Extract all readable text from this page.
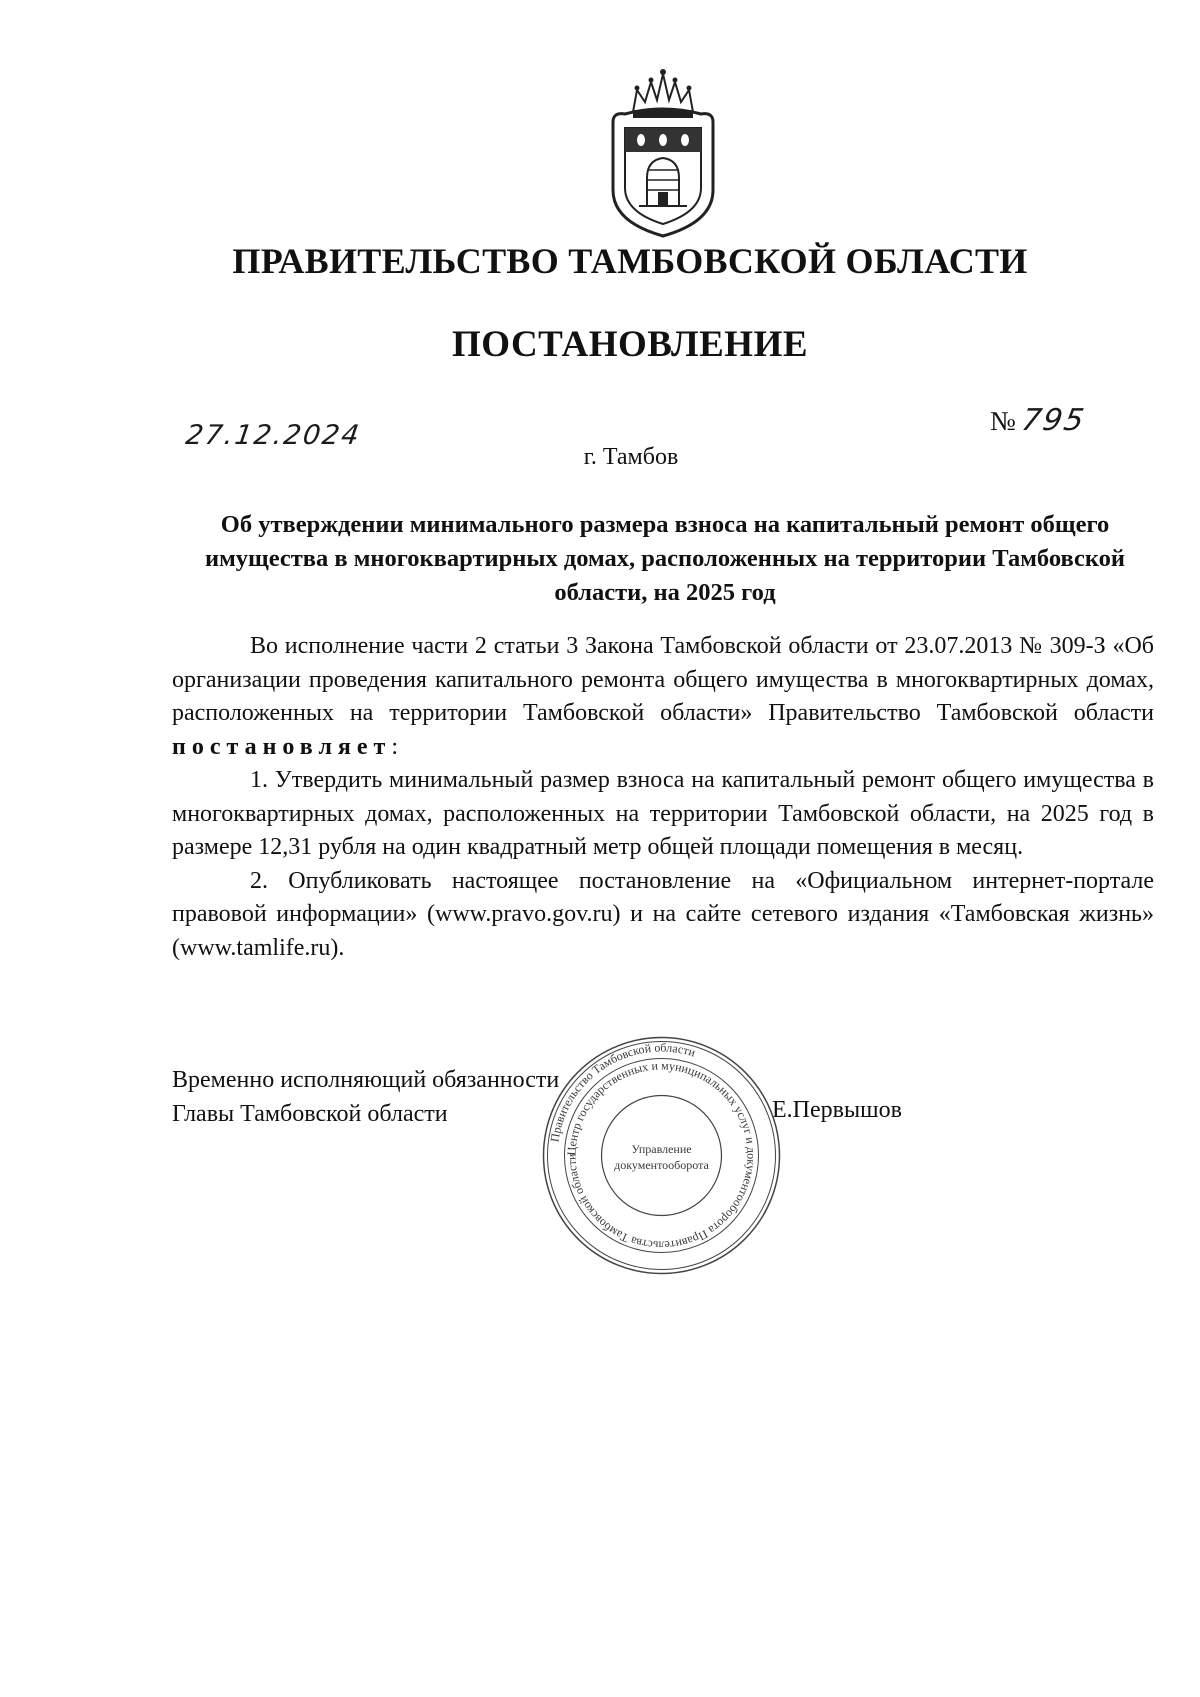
ПРАВИТЕЛЬСТВО ТАМБОВСКОЙ ОБЛАСТИ
ПОСТАНОВЛЕНИЕ
27.12.2024	№795
г. Тамбов
Об утверждении минимального размера взноса на капитальный ремонт общего имущества в многоквартирных домах, расположенных на территории Тамбовской области, на 2025 год

Во исполнение части 2 статьи 3 Закона Тамбовской области от 23.07.2013 № 309-З «Об организации проведения капитального ремонта общего имущества в многоквартирных домах, расположенных на территории Тамбовской области» Правительство Тамбовской области постановляет:

1. Утвердить минимальный размер взноса на капитальный ремонт общего имущества в многоквартирных домах, расположенных на территории Тамбовской области, на 2025 год в размере 12,31 рубля на один квадратный метр общей площади помещения в месяц.

2. Опубликовать настоящее постановление на «Официальном интернет-портале правовой информации» (www.pravo.gov.ru) и на сайте сетевого издания «Тамбовская жизнь» (www.tamlife.ru).

Временно исполняющий обязанности
Главы Тамбовской области	Е.Первышов
Правительство Тамбовской области
Центр государственных и муниципальных услуг и документооборота Правительства Тамбовской области
Управление
документооборота
